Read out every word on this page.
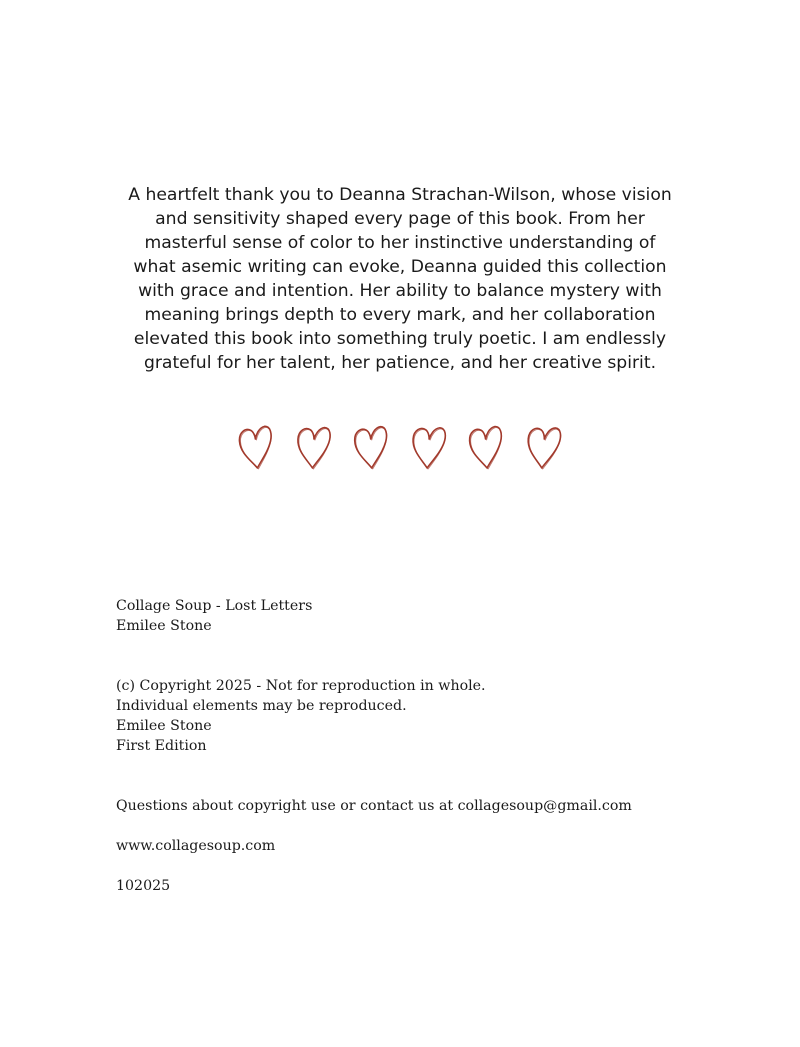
A heartfelt thank you to Deanna Strachan-Wilson, whose vision
and sensitivity shaped every page of this book. From her
masterful sense of color to her instinctive understanding of
what asemic writing can evoke, Deanna guided this collection
with grace and intention. Her ability to balance mystery with
meaning brings depth to every mark, and her collaboration
elevated this book into something truly poetic. I am endlessly
grateful for her talent, her patience, and her creative spirit.

Collage Soup - Lost Letters
Emilee Stone
(c) Copyright 2025 - Not for reproduction in whole.
Individual elements may be reproduced.
Emilee Stone
First Edition
Questions about copyright use or contact us at collagesoup@gmail.com
www.collagesoup.com
102025
